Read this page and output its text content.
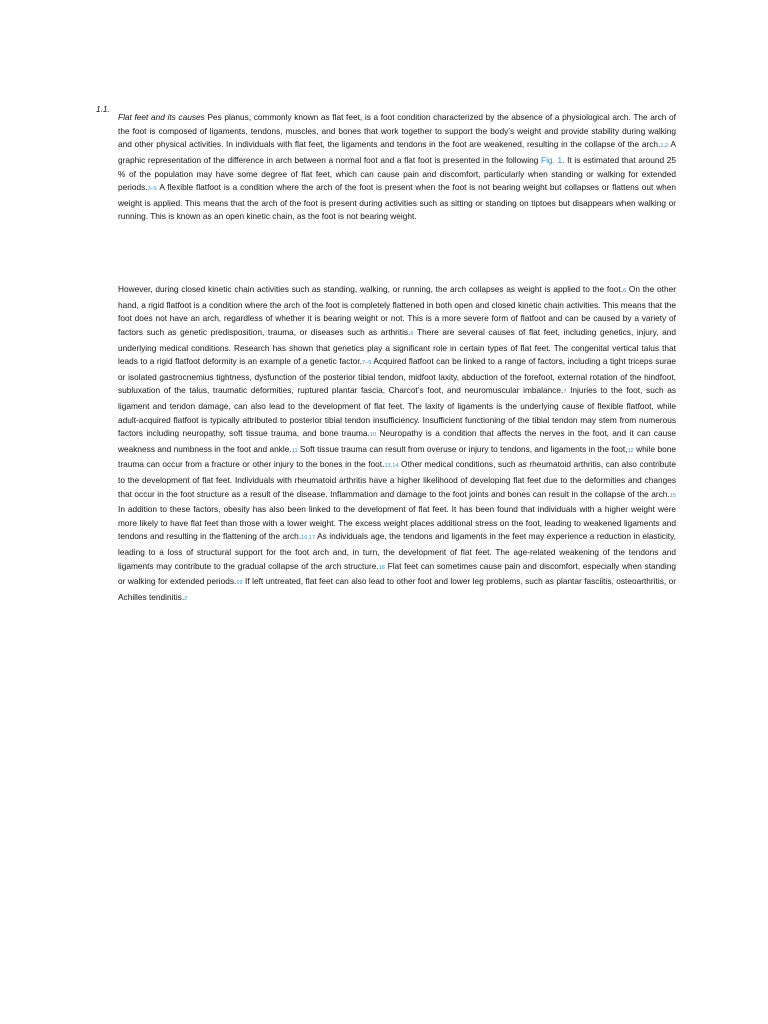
1.1.

Flat feet and its causes Pes planus, commonly known as flat feet, is a foot condition characterized by the absence of a physiological arch. The arch of the foot is composed of ligaments, tendons, muscles, and bones that work together to support the body’s weight and provide stability during walking and other physical activities. In individuals with flat feet, the ligaments and tendons in the foot are weakened, resulting in the collapse of the arch.1,2 A graphic representation of the difference in arch between a normal foot and a flat foot is presented in the following Fig. 1. It is estimated that around 25 % of the population may have some degree of flat feet, which can cause pain and discomfort, particularly when standing or walking for extended periods.3–5 A flexible flatfoot is a condition where the arch of the foot is present when the foot is not bearing weight but collapses or flattens out when weight is applied. This means that the arch of the foot is present during activities such as sitting or standing on tiptoes but disappears when walking or running. This is known as an open kinetic chain, as the foot is not bearing weight.

However, during closed kinetic chain activities such as standing, walking, or running, the arch collapses as weight is applied to the foot.6 On the other hand, a rigid flatfoot is a condition where the arch of the foot is completely flattened in both open and closed kinetic chain activities. This means that the foot does not have an arch, regardless of whether it is bearing weight or not. This is a more severe form of flatfoot and can be caused by a variety of factors such as genetic predisposition, trauma, or diseases such as arthritis.6 There are several causes of flat feet, including genetics, injury, and underlying medical conditions. Research has shown that genetics play a significant role in certain types of flat feet. The congenital vertical talus that leads to a rigid flatfoot deformity is an example of a genetic factor.7–9 Acquired flatfoot can be linked to a range of factors, including a tight triceps surae or isolated gastrocnemius tightness, dysfunction of the posterior tibial tendon, midfoot laxity, abduction of the forefoot, external rotation of the hindfoot, subluxation of the talus, traumatic deformities, ruptured plantar fascia, Charcot’s foot, and neuromuscular imbalance.7 Injuries to the foot, such as ligament and tendon damage, can also lead to the development of flat feet. The laxity of ligaments is the underlying cause of flexible flatfoot, while adult-acquired flatfoot is typically attributed to posterior tibial tendon insufficiency. Insufficient functioning of the tibial tendon may stem from numerous factors including neuropathy, soft tissue trauma, and bone trauma.10 Neuropathy is a condition that affects the nerves in the foot, and it can cause weakness and numbness in the foot and ankle.11 Soft tissue trauma can result from overuse or injury to tendons, and ligaments in the foot,12 while bone trauma can occur from a fracture or other injury to the bones in the foot.13,14 Other medical conditions, such as rheumatoid arthritis, can also contribute to the development of flat feet. Individuals with rheumatoid arthritis have a higher likelihood of developing flat feet due to the deformities and changes that occur in the foot structure as a result of the disease. Inflammation and damage to the foot joints and bones can result in the collapse of the arch.15 In addition to these factors, obesity has also been linked to the development of flat feet. It has been found that individuals with a higher weight were more likely to have flat feet than those with a lower weight. The excess weight places additional stress on the foot, leading to weakened ligaments and tendons and resulting in the flattening of the arch.16,17 As individuals age, the tendons and ligaments in the feet may experience a reduction in elasticity, leading to a loss of structural support for the foot arch and, in turn, the development of flat feet. The age-related weakening of the tendons and ligaments may contribute to the gradual collapse of the arch structure.18 Flat feet can sometimes cause pain and discomfort, especially when standing or walking for extended periods.19 If left untreated, flat feet can also lead to other foot and lower leg problems, such as plantar fasciitis, osteoarthritis, or Achilles tendinitis.2
